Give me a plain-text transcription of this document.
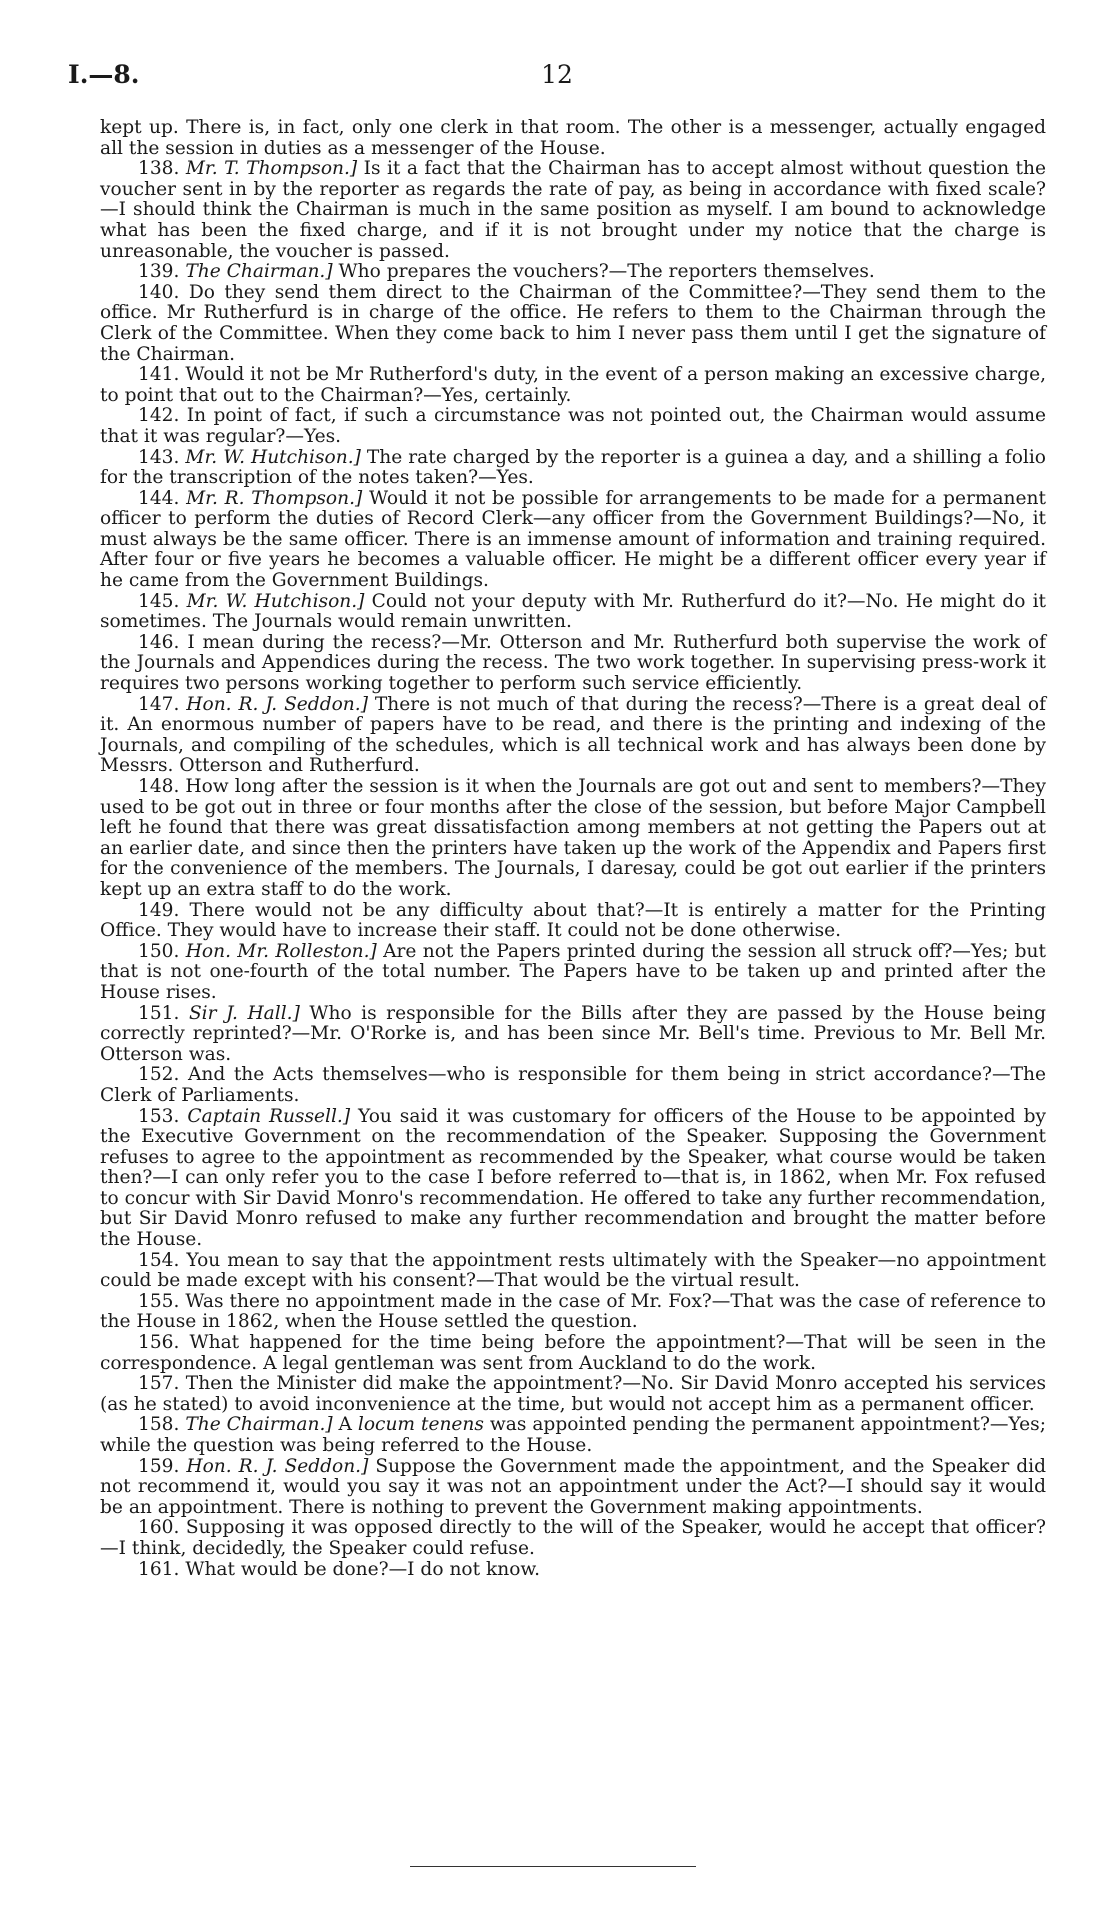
I.—8.	12

kept up. There is, in fact, only one clerk in that room. The other is a messenger, actually engaged all the session in duties as a messenger of the House.

138. Mr. T. Thompson.] Is it a fact that the Chairman has to accept almost without question the voucher sent in by the reporter as regards the rate of pay, as being in accordance with fixed scale?—I should think the Chairman is much in the same position as myself. I am bound to acknowledge what has been the fixed charge, and if it is not brought under my notice that the charge is unreasonable, the voucher is passed.

139. The Chairman.] Who prepares the vouchers?—The reporters themselves.

140. Do they send them direct to the Chairman of the Committee?—They send them to the office. Mr Rutherfurd is in charge of the office. He refers to them to the Chairman through the Clerk of the Committee. When they come back to him I never pass them until I get the signature of the Chairman.

141. Would it not be Mr Rutherford's duty, in the event of a person making an excessive charge, to point that out to the Chairman?—Yes, certainly.

142. In point of fact, if such a circumstance was not pointed out, the Chairman would assume that it was regular?—Yes.

143. Mr. W. Hutchison.] The rate charged by the reporter is a guinea a day, and a shilling a folio for the transcription of the notes taken?—Yes.

144. Mr. R. Thompson.] Would it not be possible for arrangements to be made for a permanent officer to perform the duties of Record Clerk—any officer from the Government Buildings?—No, it must always be the same officer. There is an immense amount of information and training required. After four or five years he becomes a valuable officer. He might be a different officer every year if he came from the Government Buildings.

145. Mr. W. Hutchison.] Could not your deputy with Mr. Rutherfurd do it?—No. He might do it sometimes. The Journals would remain unwritten.

146. I mean during the recess?—Mr. Otterson and Mr. Rutherfurd both supervise the work of the Journals and Appendices during the recess. The two work together. In supervising press-work it requires two persons working together to perform such service efficiently.

147. Hon. R. J. Seddon.] There is not much of that during the recess?—There is a great deal of it. An enormous number of papers have to be read, and there is the printing and indexing of the Journals, and compiling of the schedules, which is all technical work and has always been done by Messrs. Otterson and Rutherfurd.

148. How long after the session is it when the Journals are got out and sent to members?—They used to be got out in three or four months after the close of the session, but before Major Campbell left he found that there was great dissatisfaction among members at not getting the Papers out at an earlier date, and since then the printers have taken up the work of the Appendix and Papers first for the convenience of the members. The Journals, I daresay, could be got out earlier if the printers kept up an extra staff to do the work.

149. There would not be any difficulty about that?—It is entirely a matter for the Printing Office. They would have to increase their staff. It could not be done otherwise.

150. Hon. Mr. Rolleston.] Are not the Papers printed during the session all struck off?—Yes; but that is not one-fourth of the total number. The Papers have to be taken up and printed after the House rises.

151. Sir J. Hall.] Who is responsible for the Bills after they are passed by the House being correctly reprinted?—Mr. O'Rorke is, and has been since Mr. Bell's time. Previous to Mr. Bell Mr. Otterson was.

152. And the Acts themselves—who is responsible for them being in strict accordance?—The Clerk of Parliaments.

153. Captain Russell.] You said it was customary for officers of the House to be appointed by the Executive Government on the recommendation of the Speaker. Supposing the Government refuses to agree to the appointment as recommended by the Speaker, what course would be taken then?—I can only refer you to the case I before referred to—that is, in 1862, when Mr. Fox refused to concur with Sir David Monro's recommendation. He offered to take any further recommendation, but Sir David Monro refused to make any further recommendation and brought the matter before the House.

154. You mean to say that the appointment rests ultimately with the Speaker—no appointment could be made except with his consent?—That would be the virtual result.

155. Was there no appointment made in the case of Mr. Fox?—That was the case of reference to the House in 1862, when the House settled the question.

156. What happened for the time being before the appointment?—That will be seen in the correspondence. A legal gentleman was sent from Auckland to do the work.

157. Then the Minister did make the appointment?—No. Sir David Monro accepted his services (as he stated) to avoid inconvenience at the time, but would not accept him as a permanent officer.

158. The Chairman.] A locum tenens was appointed pending the permanent appointment?—Yes; while the question was being referred to the House.

159. Hon. R. J. Seddon.] Suppose the Government made the appointment, and the Speaker did not recommend it, would you say it was not an appointment under the Act?—I should say it would be an appointment. There is nothing to prevent the Government making appointments.

160. Supposing it was opposed directly to the will of the Speaker, would he accept that officer?—I think, decidedly, the Speaker could refuse.

161. What would be done?—I do not know.
